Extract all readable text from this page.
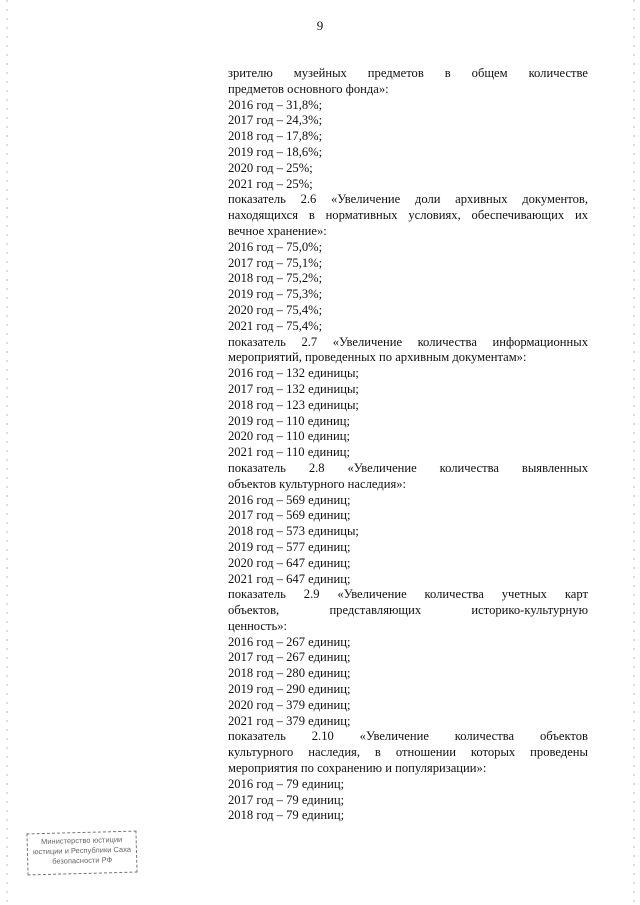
9
зрителю музейных предметов в общем количестве
предметов основного фонда»:
2016 год – 31,8%;
2017 год – 24,3%;
2018 год – 17,8%;
2019 год – 18,6%;
2020 год – 25%;
2021 год – 25%;
показатель 2.6 «Увеличение доли архивных документов,
находящихся в нормативных условиях, обеспечивающих их
вечное хранение»:
2016 год – 75,0%;
2017 год – 75,1%;
2018 год – 75,2%;
2019 год – 75,3%;
2020 год – 75,4%;
2021 год – 75,4%;
показатель 2.7 «Увеличение количества информационных
мероприятий, проведенных по архивным документам»:
2016 год – 132 единицы;
2017 год – 132 единицы;
2018 год – 123 единицы;
2019 год – 110 единиц;
2020 год – 110 единиц;
2021 год – 110 единиц;
показатель 2.8 «Увеличение количества выявленных
объектов культурного наследия»:
2016 год – 569 единиц;
2017 год – 569 единиц;
2018 год – 573 единицы;
2019 год – 577 единиц;
2020 год – 647 единиц;
2021 год – 647 единиц;
показатель 2.9 «Увеличение количества учетных карт
объектов, представляющих историко-культурную
ценность»:
2016 год – 267 единиц;
2017 год – 267 единиц;
2018 год – 280 единиц;
2019 год – 290 единиц;
2020 год – 379 единиц;
2021 год – 379 единиц;
показатель 2.10 «Увеличение количества объектов
культурного наследия, в отношении которых проведены
мероприятия по сохранению и популяризации»:
2016 год – 79 единиц;
2017 год – 79 единиц;
2018 год – 79 единиц;
Министерство юстиции
юстиции и Республики Саха
безопасности РФ
